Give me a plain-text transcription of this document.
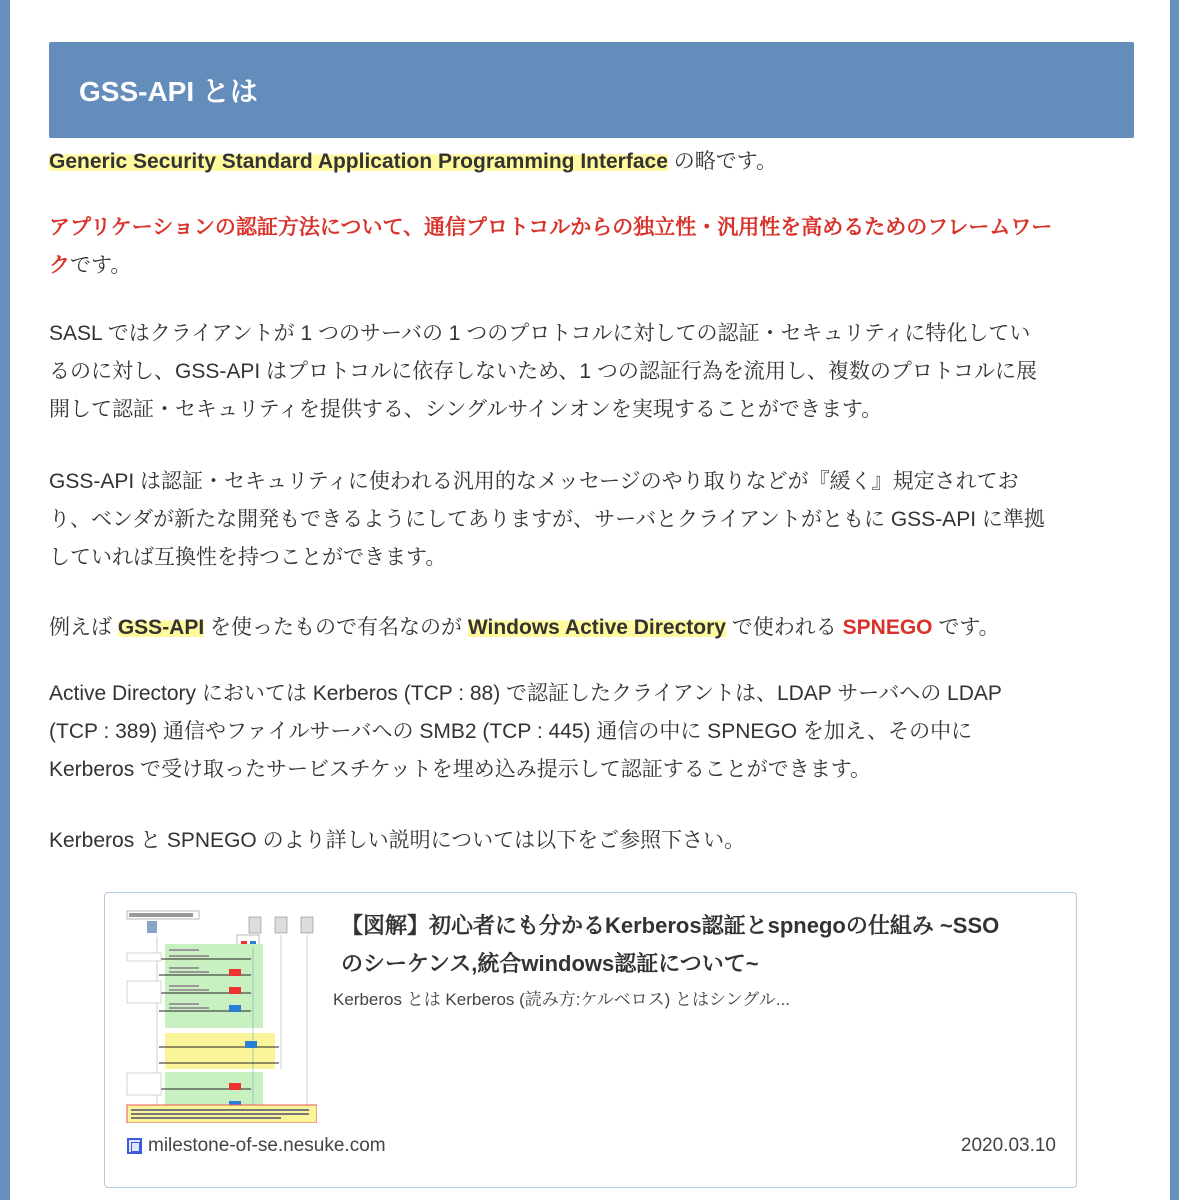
GSS-API とは

Generic Security Standard Application Programming Interface の略です。

アプリケーションの認証方法について、通信プロトコルからの独立性・汎用性を高めるためのフレームワー
クです。

SASL ではクライアントが 1 つのサーバの 1 つのプロトコルに対しての認証・セキュリティに特化してい
るのに対し、GSS-API はプロトコルに依存しないため、1 つの認証行為を流用し、複数のプロトコルに展
開して認証・セキュリティを提供する、シングルサインオンを実現することができます。

GSS-API は認証・セキュリティに使われる汎用的なメッセージのやり取りなどが『緩く』規定されてお
り、ベンダが新たな開発もできるようにしてありますが、サーバとクライアントがともに GSS-API に準拠
していれば互換性を持つことができます。

例えば GSS-API を使ったもので有名なのが Windows Active Directory で使われる SPNEGO です。

Active Directory においては Kerberos (TCP : 88) で認証したクライアントは、LDAP サーバへの LDAP
(TCP : 389) 通信やファイルサーバへの SMB2 (TCP : 445) 通信の中に SPNEGO を加え、その中に
Kerberos で受け取ったサービスチケットを埋め込み提示して認証することができます。

Kerberos と SPNEGO のより詳しい説明については以下をご参照下さい。

【図解】初心者にも分かるKerberos認証とspnegoの仕組み ~SSO
のシーケンス,統合windows認証について~
Kerberos とは Kerberos (読み方:ケルベロス) とはシングル...
milestone-of-se.nesuke.com	2020.03.10
